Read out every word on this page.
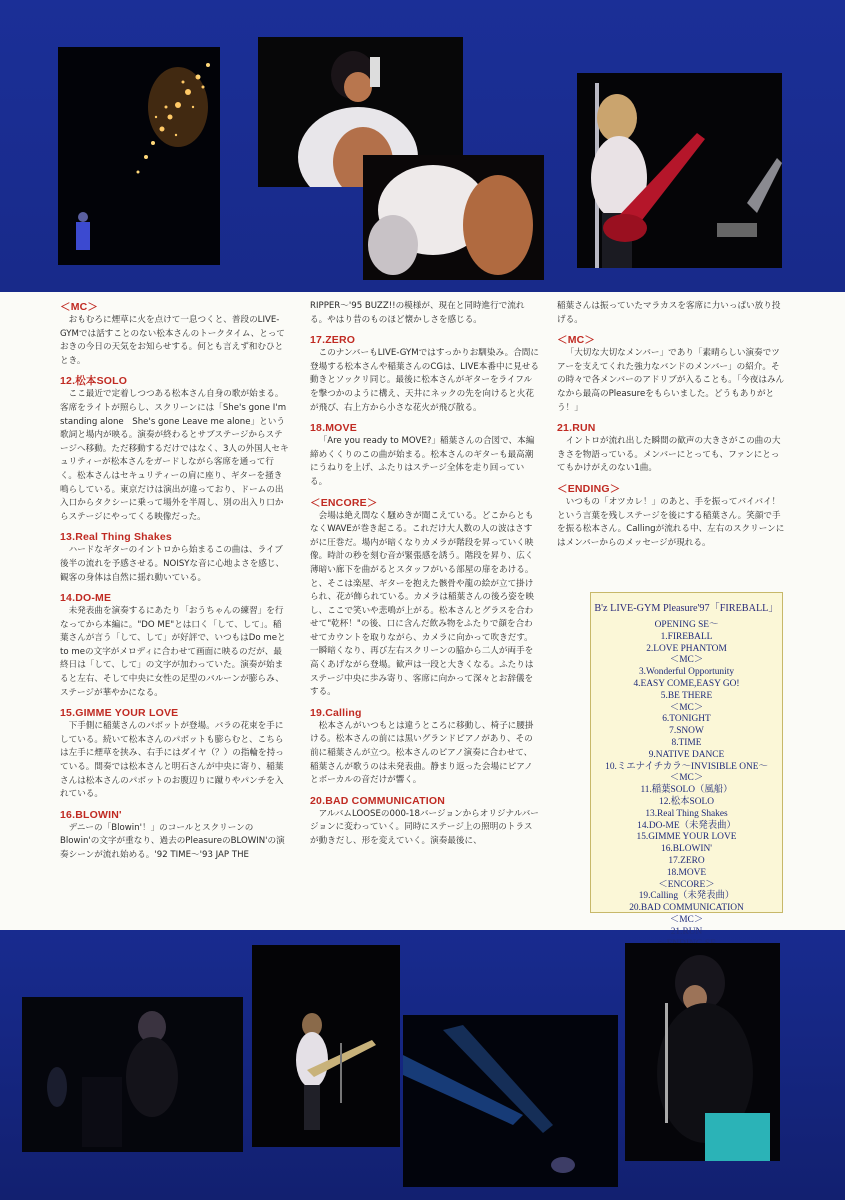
＜MC＞

おもむろに煙草に火を点けて一息つくと、普段のLIVE-GYMでは話すことのない松本さんのトークタイム、とっておきの今日の天気をお知らせする。何とも言えず和むひととき。

12.松本SOLO

ここ最近で定着しつつある松本さん自身の歌が始まる。客席をライトが照らし、スクリーンには「She's gone I'm standing alone　She's gone Leave me alone」という歌詞と場内が映る。演奏が終わるとサブステージからステージへ移動。ただ移動するだけではなく、3人の外国人セキュリティーが松本さんをガードしながら客席を通って行く。松本さんはセキュリティーの肩に座り、ギターを掻き鳴らしている。東京だけは演出が違っており、ドームの出入口からタクシーに乗って場外を半周し、別の出入り口からステージにやってくる映像だった。

13.Real Thing Shakes

ハードなギターのイントロから始まるこの曲は、ライブ後半の流れを予感させる。NOISYな音に心地よさを感じ、観客の身体は自然に揺れ動いている。

14.DO-ME

未発表曲を演奏するにあたり「おうちゃんの練習」を行なってから本編に。"DO ME"とは口く「して、して」。稲葉さんが言う「して、して」が好評で、いつもはDo meとto meの文字がメロディに合わせて画面に映るのだが、最終日は「して、して」の文字が加わっていた。演奏が始まると左右、そして中央に女性の足型のバルーンが膨らみ、ステージが華やかになる。

15.GIMME YOUR LOVE

下手側に稲葉さんのパボットが登場。バラの花束を手にしている。続いて松本さんのパボットも膨らむと、こちらは左手に煙草を挟み、右手にはダイヤ（？）の指輪を持っている。間奏では松本さんと明石さんが中央に寄り、稲葉さんは松本さんのパボットのお腹辺りに蹴りやパンチを入れている。

16.BLOWIN'

デニーの「Blowin'！」のコールとスクリーンのBlowin'の文字が重なり、過去のPleasureのBLOWIN'の演奏シーンが流れ始める。'92 TIME〜'93 JAP THE

RIPPER〜'95 BUZZ!!の模様が、現在と同時進行で流れる。やはり昔のものほど懐かしさを感じる。

17.ZERO

このナンバーもLIVE-GYMではすっかりお馴染み。合間に登場する松本さんや稲葉さんのCGは、LIVE本番中に見せる動きとソックリ同じ。最後に松本さんがギターをライフルを撃つかのように構え、天井にネックの先を向けると火花が飛び、右上方から小さな花火が飛び散る。

18.MOVE

「Are you ready to MOVE?」稲葉さんの合図で、本編締めくくりのこの曲が始まる。松本さんのギターも最高潮にうねりを上げ、ふたりはステージ全体を走り回っている。

＜ENCORE＞

会場は絶え間なく騒めきが聞こえている。どこからともなくWAVEが巻き起こる。これだけ大人数の人の波はさすがに圧巻だ。場内が暗くなりカメラが階段を昇っていく映像。時計の秒を刻む音が緊張感を誘う。階段を昇り、広く薄暗い廊下を曲がるとスタッフがいる部屋の扉をあける。と、そこは楽屋、ギターを抱えた骸骨や龍の絵が立て掛けられ、花が飾られている。カメラは稲葉さんの後ろ姿を映し、ここで笑いや悲鳴が上がる。松本さんとグラスを合わせて"乾杯！"の後、口に含んだ飲み物をふたりで顔を合わせてカウントを取りながら、カメラに向かって吹きだす。一瞬暗くなり、再び左右スクリーンの脇から二人が両手を高くあげながら登場。歓声は一段と大きくなる。ふたりはステージ中央に歩み寄り、客席に向かって深々とお辞儀をする。

19.Calling

松本さんがいつもとは違うところに移動し、椅子に腰掛ける。松本さんの前には黒いグランドピアノがあり、その前に稲葉さんが立つ。松本さんのピアノ演奏に合わせて、稲葉さんが歌うのは未発表曲。静まり返った会場にピアノとボーカルの音だけが響く。

20.BAD COMMUNICATION

アルバムLOOSEの000-18バージョンからオリジナルバージョンに変わっていく。同時にステージ上の照明のトラスが動きだし、形を変えていく。演奏最後に、

稲葉さんは振っていたマラカスを客席に力いっぱい放り投げる。

＜MC＞

「大切な大切なメンバー」であり「素晴らしい演奏でツアーを支えてくれた強力なバンドのメンバー」の紹介。その時々で各メンバーのアドリブが入ることも。「今夜はみんなから最高のPleasureをもらいました。どうもありがとう！」

21.RUN

イントロが流れ出した瞬間の歓声の大きさがこの曲の大きさを物語っている。メンバーにとっても、ファンにとってもかけがえのない1曲。

＜ENDING＞

いつもの「オツカレ！」のあと、手を振ってバイバイ！という言葉を残しステージを後にする稲葉さん。笑顔で手を振る松本さん。Callingが流れる中、左右のスクリーンにはメンバーからのメッセージが現れる。

B'z LIVE-GYM Pleasure'97「FIREBALL」
OPENING SE〜
1.FIREBALL
2.LOVE PHANTOM
＜MC＞
3.Wonderful Opportunity
4.EASY COME,EASY GO!
5.BE THERE
＜MC＞
6.TONIGHT
7.SNOW
8.TIME
9.NATIVE DANCE
10.ミエナイチカラ〜INVISIBLE ONE〜
＜MC＞
11.稲葉SOLO（風船）
12.松本SOLO
13.Real Thing Shakes
14.DO-ME（未発表曲）
15.GIMME YOUR LOVE
16.BLOWIN'
17.ZERO
18.MOVE
＜ENCORE＞
19.Calling（未発表曲）
20.BAD COMMUNICATION
＜MC＞
21.RUN
